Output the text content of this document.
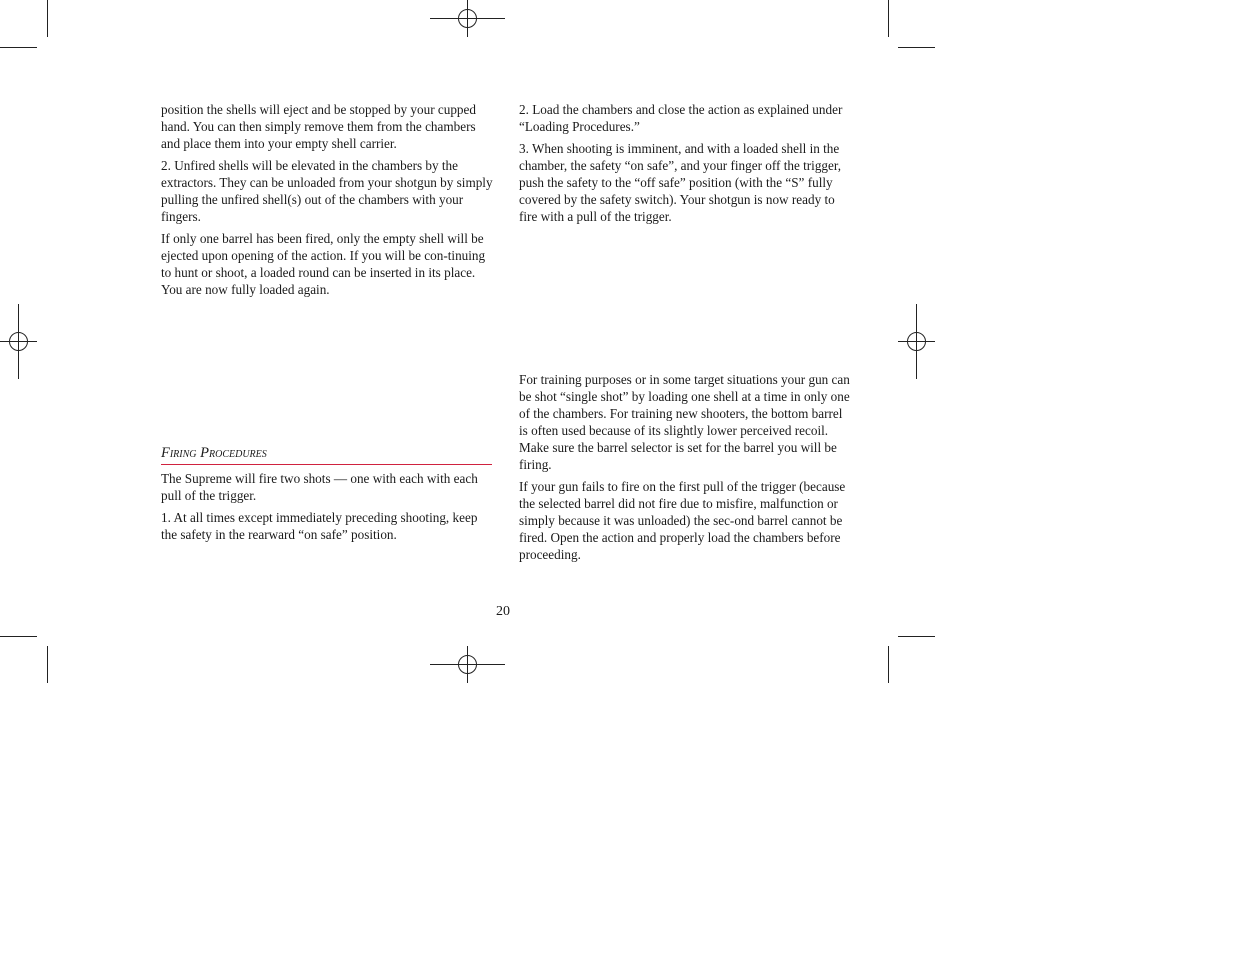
position the shells will eject and be stopped by your cupped hand. You can then simply remove them from the chambers and place them into your empty shell carrier.

2. Unfired shells will be elevated in the chambers by the extractors. They can be unloaded from your shotgun by simply pulling the unfired shell(s) out of the chambers with your fingers.

If only one barrel has been fired, only the empty shell will be ejected upon opening of the action. If you will be con-tinuing to hunt or shoot, a loaded round can be inserted in its place. You are now fully loaded again.

Firing Procedures

The Supreme will fire two shots — one with each with each pull of the trigger.

1. At all times except immediately preceding shooting, keep the safety in the rearward “on safe” position.

2. Load the chambers and close the action as explained under “Loading Procedures.”

3. When shooting is imminent, and with a loaded shell in the chamber, the safety “on safe”, and your finger off the trigger, push the safety to the “off safe” position (with the “S” fully covered by the safety switch). Your shotgun is now ready to fire with a pull of the trigger.

For training purposes or in some target situations your gun can be shot “single shot” by loading one shell at a time in only one of the chambers. For training new shooters, the bottom barrel is often used because of its slightly lower perceived recoil. Make sure the barrel selector is set for the barrel you will be firing.

If your gun fails to fire on the first pull of the trigger (because the selected barrel did not fire due to misfire, malfunction or simply because it was unloaded) the sec-ond barrel cannot be fired. Open the action and properly load the chambers before proceeding.

20
